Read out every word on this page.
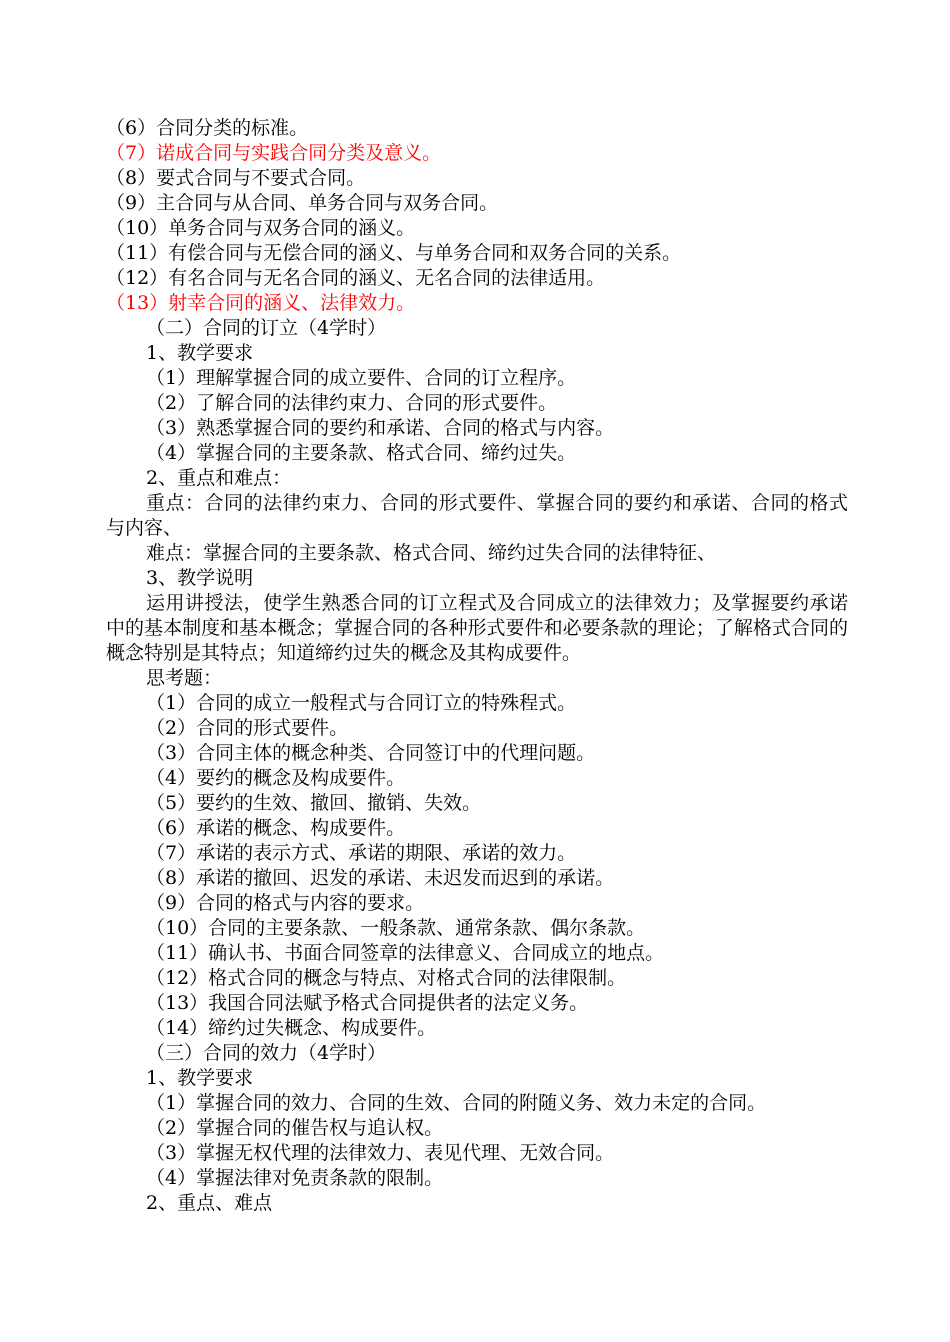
（6）合同分类的标准。
（7）诺成合同与实践合同分类及意义。
（8）要式合同与不要式合同。
（9）主合同与从合同、单务合同与双务合同。
（10）单务合同与双务合同的涵义。
（11）有偿合同与无偿合同的涵义、与单务合同和双务合同的关系。
（12）有名合同与无名合同的涵义、无名合同的法律适用。
（13）射幸合同的涵义、法律效力。
（二）合同的订立（4学时）
1、教学要求
（1）理解掌握合同的成立要件、合同的订立程序。
（2）了解合同的法律约束力、合同的形式要件。
（3）熟悉掌握合同的要约和承诺、合同的格式与内容。
（4）掌握合同的主要条款、格式合同、缔约过失。
2、重点和难点：
重点：合同的法律约束力、合同的形式要件、掌握合同的要约和承诺、合同的格式与内容、
难点：掌握合同的主要条款、格式合同、缔约过失合同的法律特征、
3、教学说明
运用讲授法，使学生熟悉合同的订立程式及合同成立的法律效力；及掌握要约承诺中的基本制度和基本概念；掌握合同的各种形式要件和必要条款的理论；了解格式合同的概念特别是其特点；知道缔约过失的概念及其构成要件。
思考题：
（1）合同的成立一般程式与合同订立的特殊程式。
（2）合同的形式要件。
（3）合同主体的概念种类、合同签订中的代理问题。
（4）要约的概念及构成要件。
（5）要约的生效、撤回、撤销、失效。
（6）承诺的概念、构成要件。
（7）承诺的表示方式、承诺的期限、承诺的效力。
（8）承诺的撤回、迟发的承诺、未迟发而迟到的承诺。
（9）合同的格式与内容的要求。
（10）合同的主要条款、一般条款、通常条款、偶尔条款。
（11）确认书、书面合同签章的法律意义、合同成立的地点。
（12）格式合同的概念与特点、对格式合同的法律限制。
（13）我国合同法赋予格式合同提供者的法定义务。
（14）缔约过失概念、构成要件。
（三）合同的效力（4学时）
1、教学要求
（1）掌握合同的效力、合同的生效、合同的附随义务、效力未定的合同。
（2）掌握合同的催告权与追认权。
（3）掌握无权代理的法律效力、表见代理、无效合同。
（4）掌握法律对免责条款的限制。
2、重点、难点
